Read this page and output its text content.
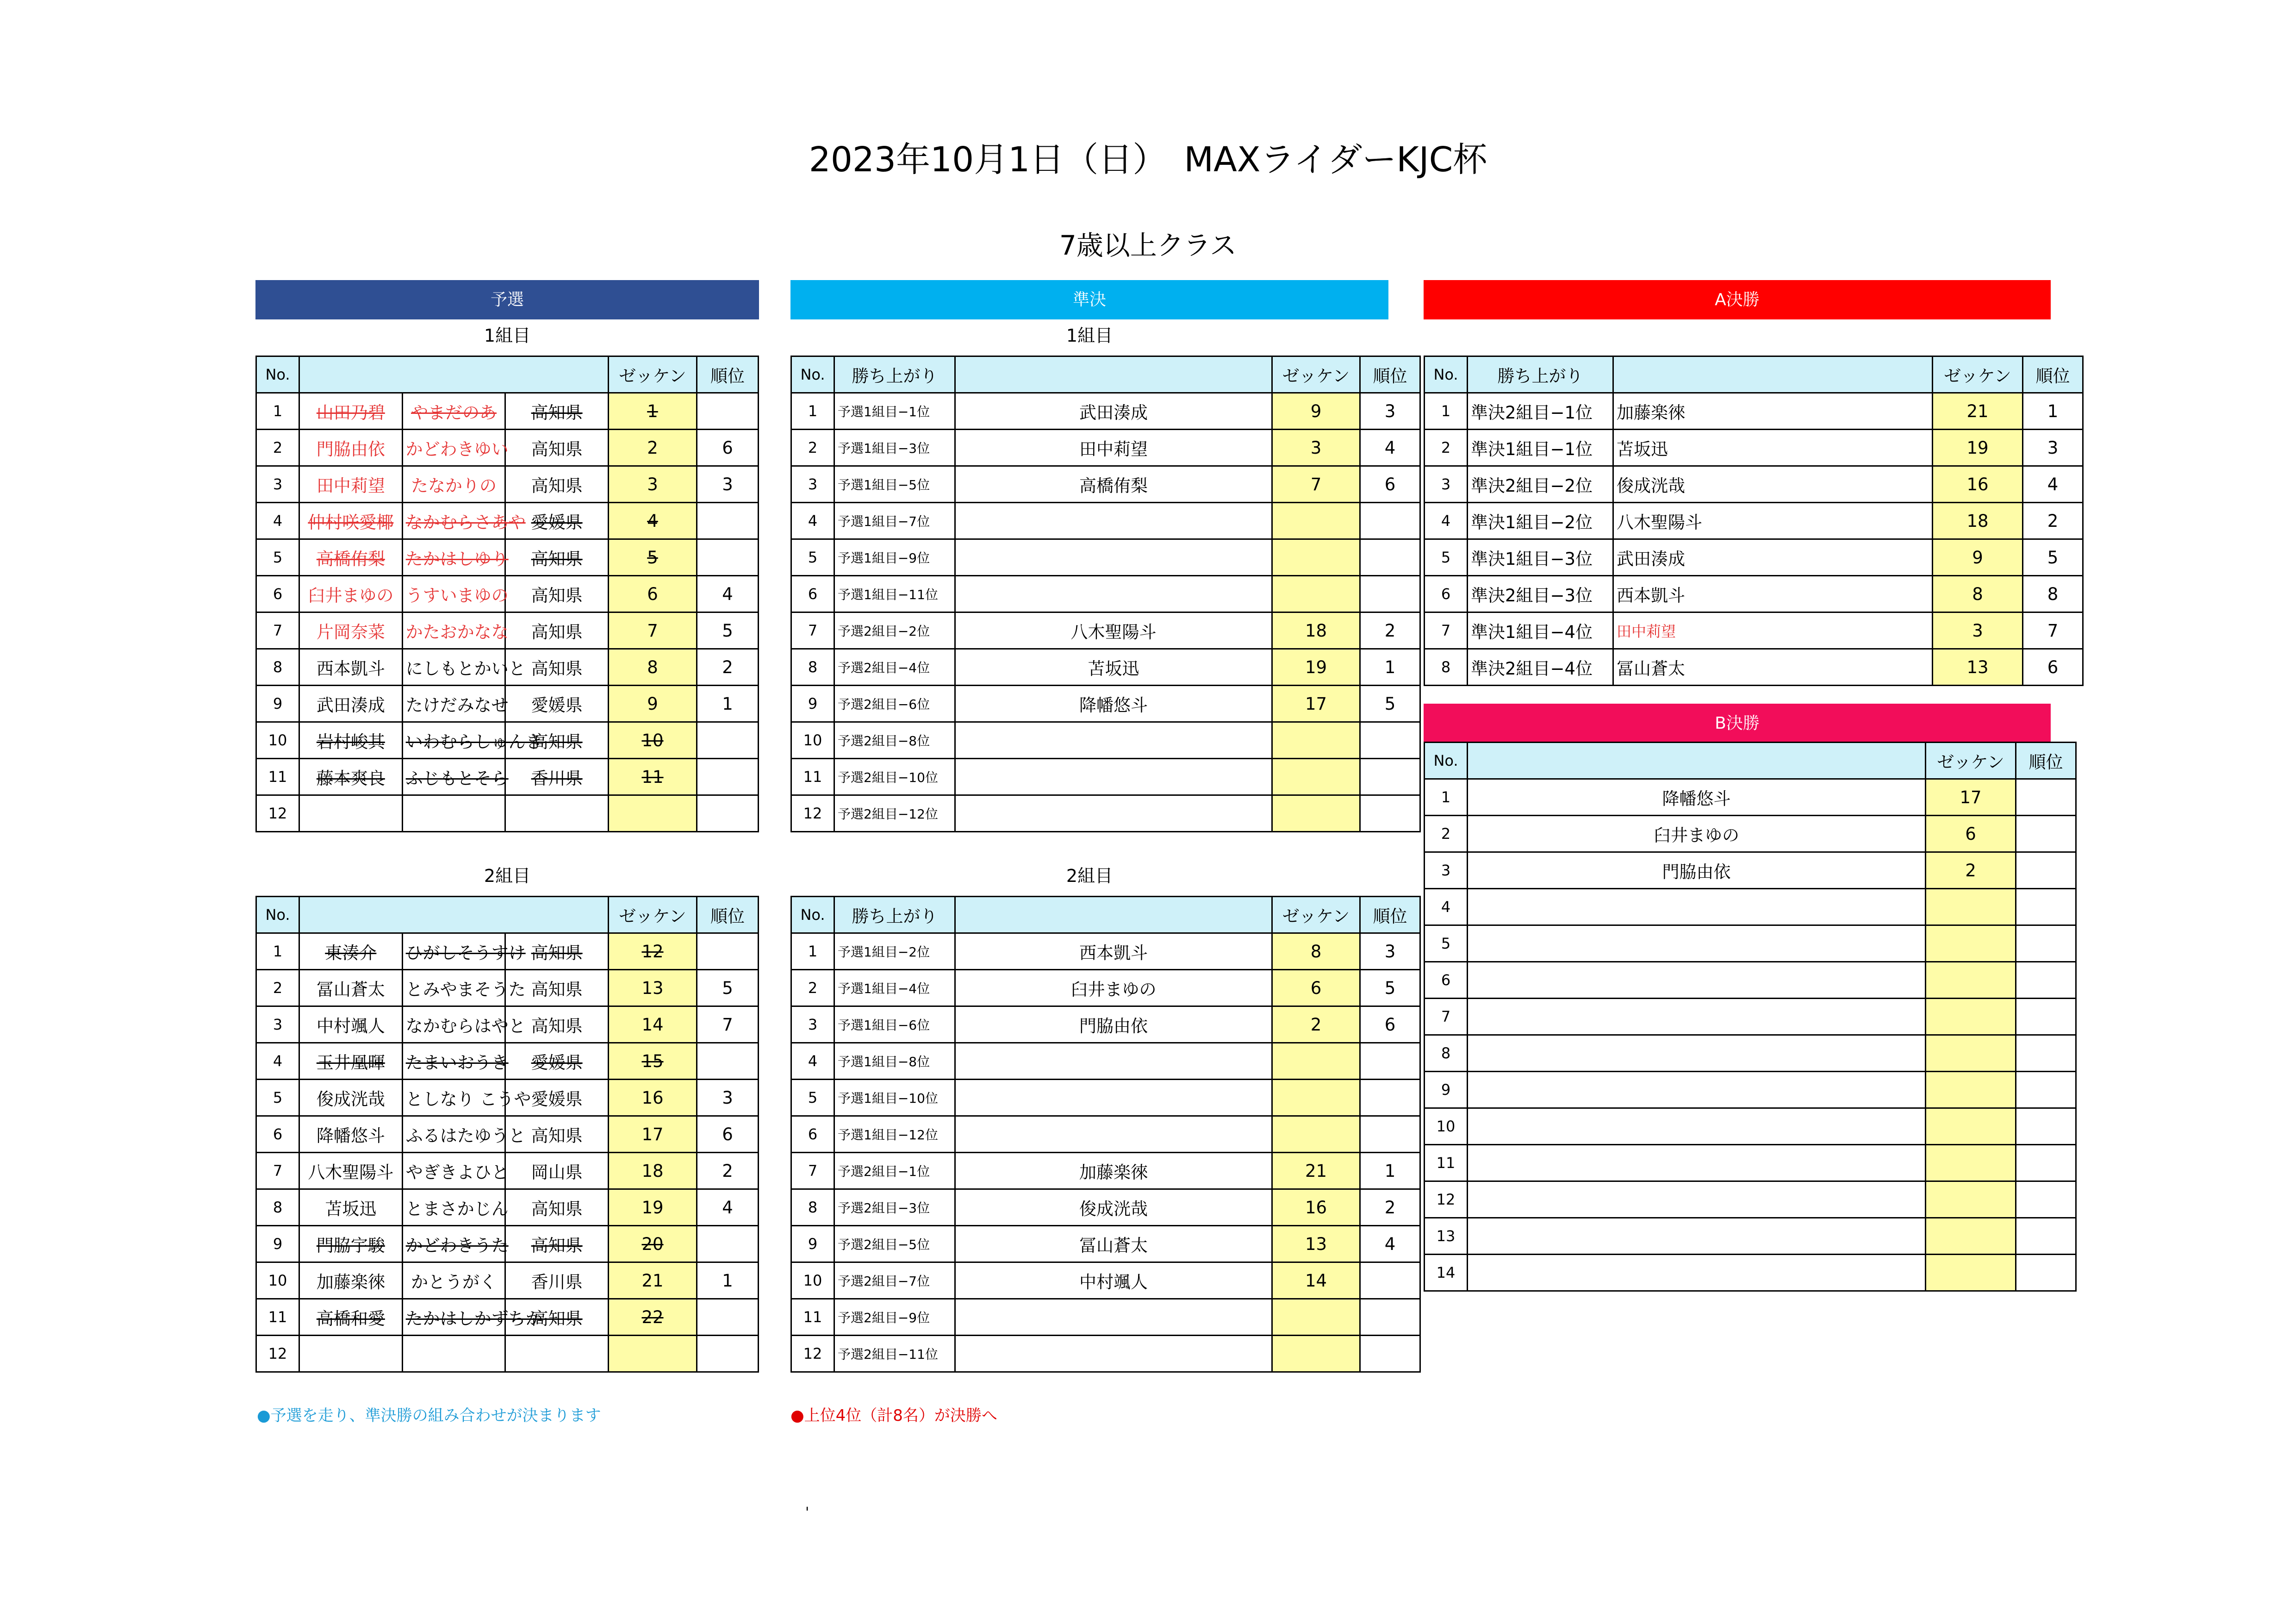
2023年10月1日（日）　MAXライダーKJC杯
7歳以上クラス
予選	準決	A決勝
1組目	1組目
2組目	2組目
No.				ゼッケン	順位
1	山田乃碧	やまだのあ	高知県	1	
2	門脇由依	かどわきゆい	高知県	2	6
3	田中莉望	たなかりの	高知県	3	3
4	仲村咲愛椰	なかむらさあや	愛媛県	4	
5	高橋侑梨	たかはしゆり	高知県	5	
6	臼井まゆの	うすいまゆの	高知県	6	4
7	片岡奈菜	かたおかなな	高知県	7	5
8	西本凱斗	にしもとかいと	高知県	8	2
9	武田湊成	たけだみなせ	愛媛県	9	1
10	岩村峻其	いわむらしゅんき	高知県	10	
11	藤本爽良	ふじもとそら	香川県	11	
12					
No.				ゼッケン	順位
1	東湊介	ひがしそうすけ	高知県	12	
2	冨山蒼太	とみやまそうた	高知県	13	5
3	中村颯人	なかむらはやと	高知県	14	7
4	玉井凰暉	たまいおうき	愛媛県	15	
5	俊成洸哉	としなり こうや	愛媛県	16	3
6	降幡悠斗	ふるはたゆうと	高知県	17	6
7	八木聖陽斗	やぎきよひと	岡山県	18	2
8	苫坂迅	とまさかじん	高知県	19	4
9	門脇宇駿	かどわきうた	高知県	20	
10	加藤楽徠	かとうがく	香川県	21	1
11	高橋和愛	たかはしかずちか	高知県	22	
12					
No.	勝ち上がり		ゼッケン	順位
1	予選1組目−1位	武田湊成	9	3
2	予選1組目−3位	田中莉望	3	4
3	予選1組目−5位	高橋侑梨	7	6
4	予選1組目−7位			
5	予選1組目−9位			
6	予選1組目−11位			
7	予選2組目−2位	八木聖陽斗	18	2
8	予選2組目−4位	苫坂迅	19	1
9	予選2組目−6位	降幡悠斗	17	5
10	予選2組目−8位			
11	予選2組目−10位			
12	予選2組目−12位			
No.	勝ち上がり		ゼッケン	順位
1	予選1組目−2位	西本凱斗	8	3
2	予選1組目−4位	臼井まゆの	6	5
3	予選1組目−6位	門脇由依	2	6
4	予選1組目−8位			
5	予選1組目−10位			
6	予選1組目−12位			
7	予選2組目−1位	加藤楽徠	21	1
8	予選2組目−3位	俊成洸哉	16	2
9	予選2組目−5位	冨山蒼太	13	4
10	予選2組目−7位	中村颯人	14	
11	予選2組目−9位			
12	予選2組目−11位			
No.	勝ち上がり		ゼッケン	順位
1	準決2組目−1位	加藤楽徠	21	1
2	準決1組目−1位	苫坂迅	19	3
3	準決2組目−2位	俊成洸哉	16	4
4	準決1組目−2位	八木聖陽斗	18	2
5	準決1組目−3位	武田湊成	9	5
6	準決2組目−3位	西本凱斗	8	8
7	準決1組目−4位	田中莉望	3	7
8	準決2組目−4位	冨山蒼太	13	6
B決勝
No.		ゼッケン	順位
1	降幡悠斗	17	
2	臼井まゆの	6	
3	門脇由依	2	
4			
5			
6			
7			
8			
9			
10			
11			
12			
13			
14			
●予選を走り、準決勝の組み合わせが決まります	●上位4位（計8名）が決勝へ
'
